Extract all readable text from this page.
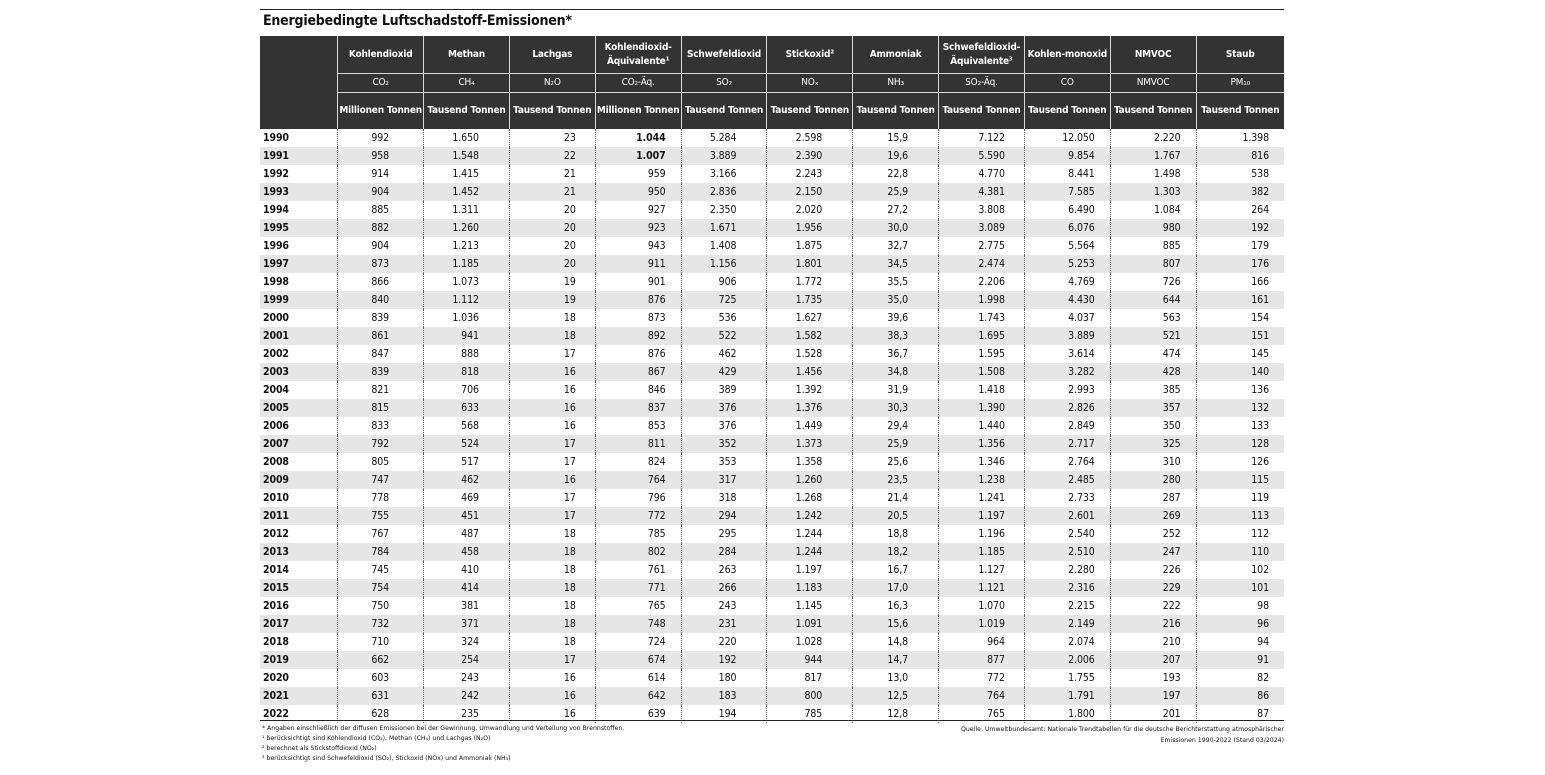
Energiebedingte Luftschadstoff-Emissionen*
	Kohlendioxid	Methan	Lachgas	Kohlendioxid-Äquivalente¹	Schwefeldioxid	Stickoxid²	Ammoniak	Schwefeldioxid-Äquivalente³	Kohlen-monoxid	NMVOC	Staub
	CO₂	CH₄	N₂O	CO₂-Äq.	SO₂	NOₓ	NH₃	SO₂-Äq.	CO	NMVOC	PM₁₀
	Millionen Tonnen	Tausend Tonnen	Tausend Tonnen	Millionen Tonnen	Tausend Tonnen	Tausend Tonnen	Tausend Tonnen	Tausend Tonnen	Tausend Tonnen	Tausend Tonnen	Tausend Tonnen
1990	992	1.650	23	1.044	5.284	2.598	15,9	7.122	12.050	2.220	1.398
1991	958	1.548	22	1.007	3.889	2.390	19,6	5.590	9.854	1.767	816
1992	914	1.415	21	959	3.166	2.243	22,8	4.770	8.441	1.498	538
1993	904	1.452	21	950	2.836	2.150	25,9	4.381	7.585	1.303	382
1994	885	1.311	20	927	2.350	2.020	27,2	3.808	6.490	1.084	264
1995	882	1.260	20	923	1.671	1.956	30,0	3.089	6.076	980	192
1996	904	1.213	20	943	1.408	1.875	32,7	2.775	5.564	885	179
1997	873	1.185	20	911	1.156	1.801	34,5	2.474	5.253	807	176
1998	866	1.073	19	901	906	1.772	35,5	2.206	4.769	726	166
1999	840	1.112	19	876	725	1.735	35,0	1.998	4.430	644	161
2000	839	1.036	18	873	536	1.627	39,6	1.743	4.037	563	154
2001	861	941	18	892	522	1.582	38,3	1.695	3.889	521	151
2002	847	888	17	876	462	1.528	36,7	1.595	3.614	474	145
2003	839	818	16	867	429	1.456	34,8	1.508	3.282	428	140
2004	821	706	16	846	389	1.392	31,9	1.418	2.993	385	136
2005	815	633	16	837	376	1.376	30,3	1.390	2.826	357	132
2006	833	568	16	853	376	1.449	29,4	1.440	2.849	350	133
2007	792	524	17	811	352	1.373	25,9	1.356	2.717	325	128
2008	805	517	17	824	353	1.358	25,6	1.346	2.764	310	126
2009	747	462	16	764	317	1.260	23,5	1.238	2.485	280	115
2010	778	469	17	796	318	1.268	21,4	1.241	2.733	287	119
2011	755	451	17	772	294	1.242	20,5	1.197	2.601	269	113
2012	767	487	18	785	295	1.244	18,8	1.196	2.540	252	112
2013	784	458	18	802	284	1.244	18,2	1.185	2.510	247	110
2014	745	410	18	761	263	1.197	16,7	1.127	2.280	226	102
2015	754	414	18	771	266	1.183	17,0	1.121	2.316	229	101
2016	750	381	18	765	243	1.145	16,3	1.070	2.215	222	98
2017	732	371	18	748	231	1.091	15,6	1.019	2.149	216	96
2018	710	324	18	724	220	1.028	14,8	964	2.074	210	94
2019	662	254	17	674	192	944	14,7	877	2.006	207	91
2020	603	243	16	614	180	817	13,0	772	1.755	193	82
2021	631	242	16	642	183	800	12,5	764	1.791	197	86
2022	628	235	16	639	194	785	12,8	765	1.800	201	87
* Angaben einschließlich der diffusen Emissionen bei der Gewinnung, Umwandlung und Verteilung von Brennstoffen.
¹ berücksichtigt sind Kohlendioxid (CO₂), Methan (CH₄) und Lachgas (N₂O)
² berechnet als Stickstoffdioxid (NO₂)
³ berücksichtigt sind Schwefeldioxid (SO₂), Stickoxid (NOx) und Ammoniak (NH₃)
Quelle: Umweltbundesamt: Nationale Trendtabellen für die deutsche Berichterstattung atmosphärischer
Emissionen 1990-2022 (Stand 03/2024)
